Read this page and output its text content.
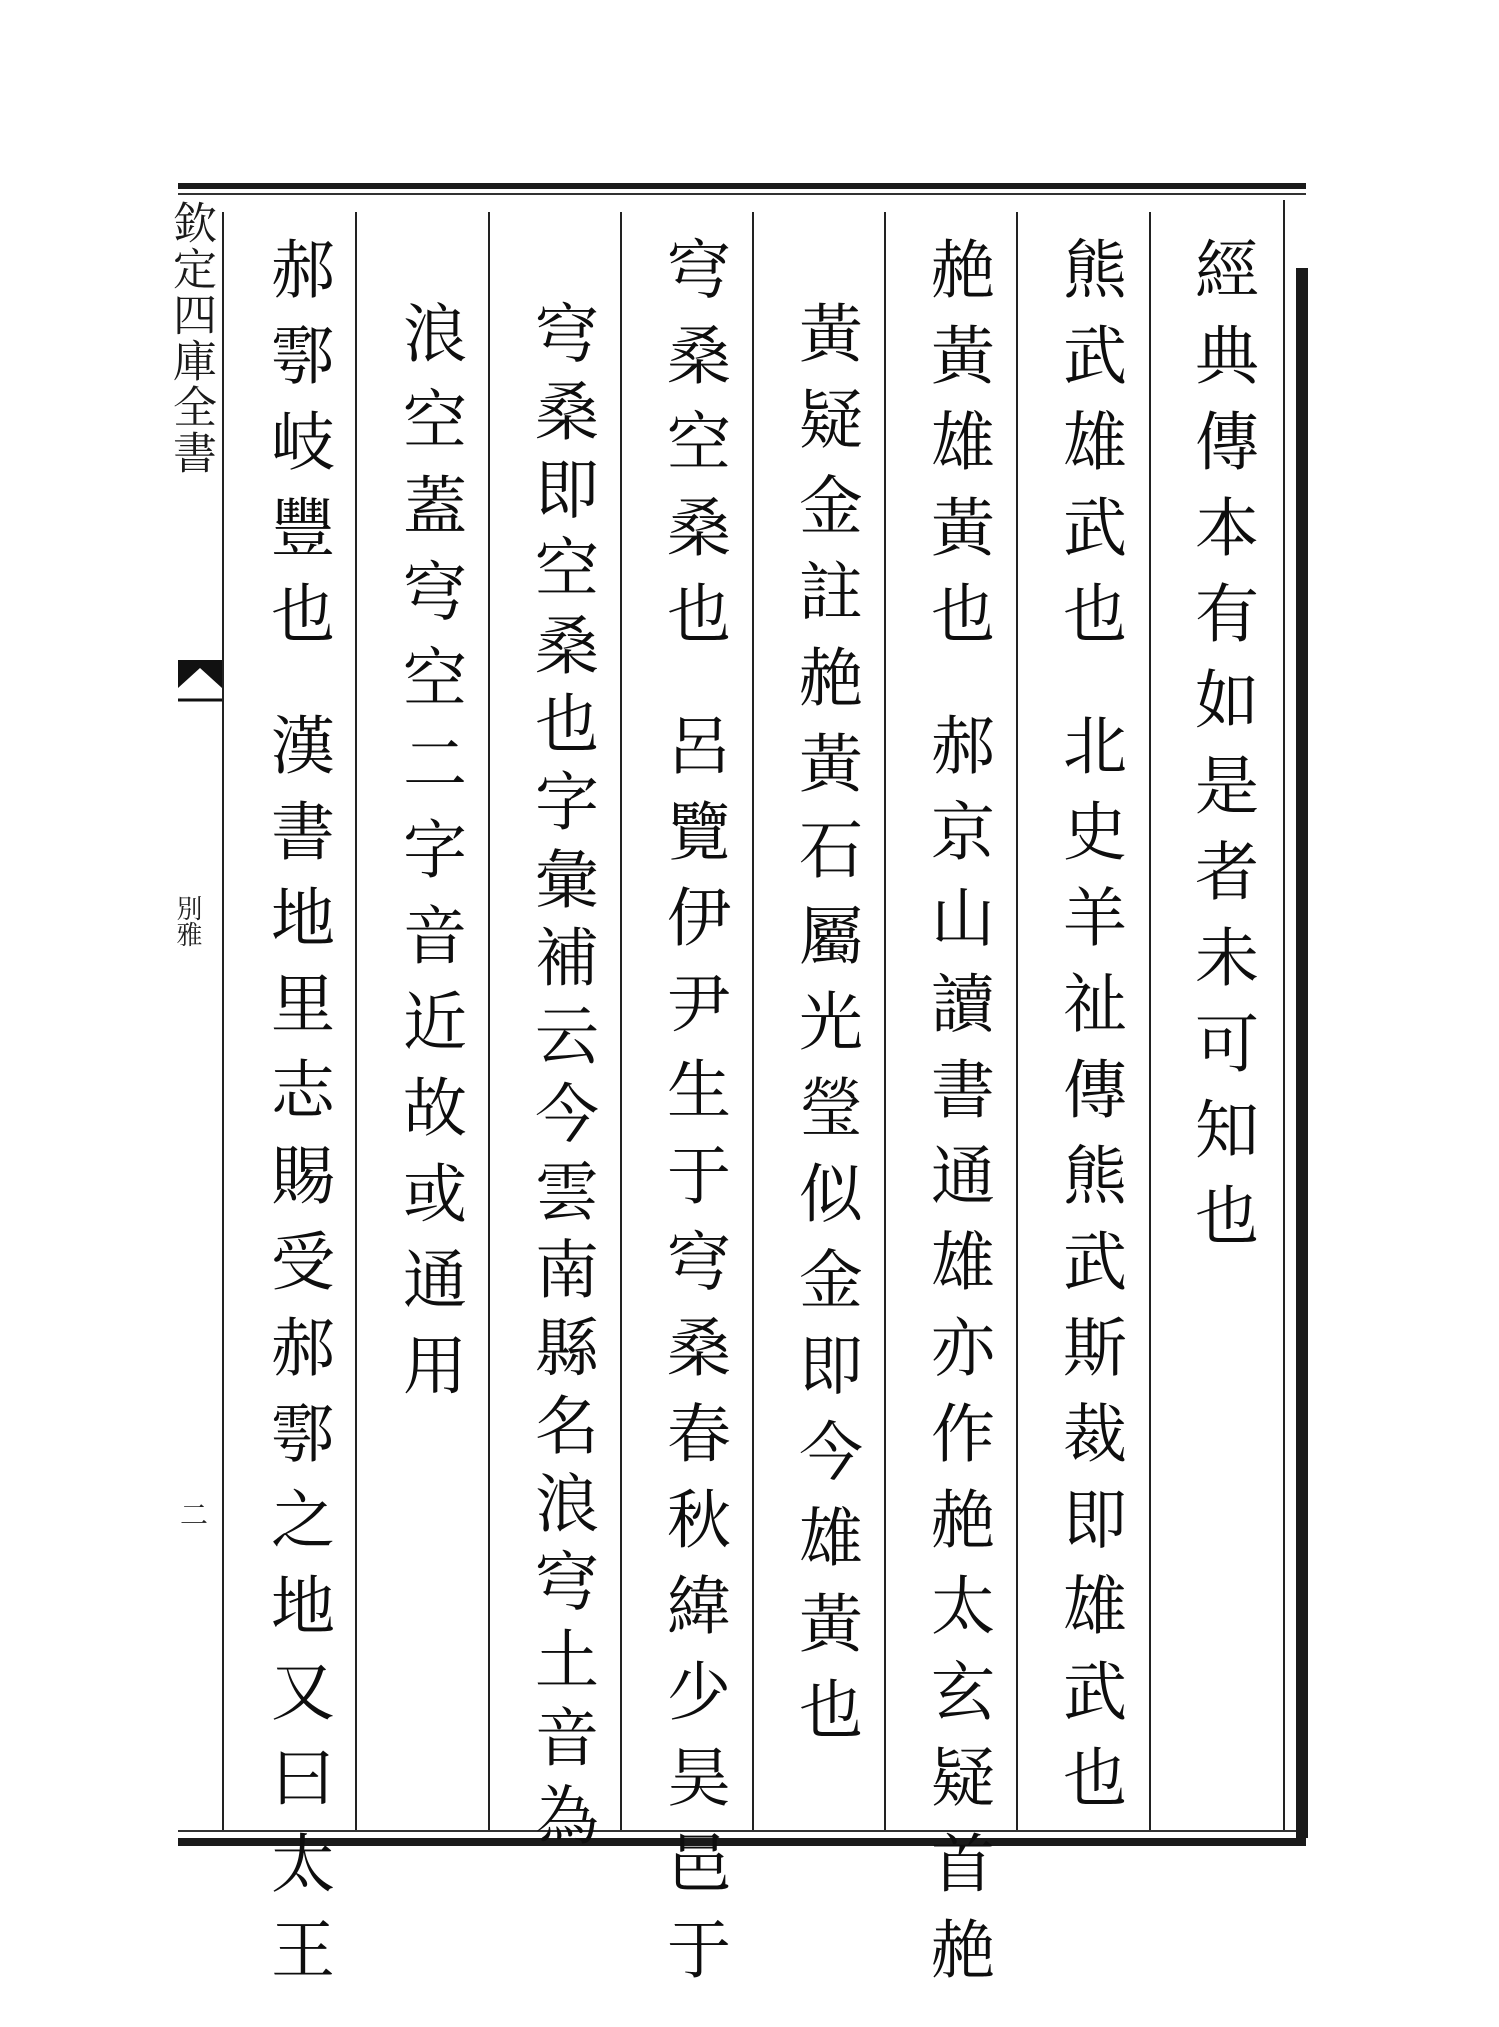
欽定四庫全書
別雅
二
經典傳本有如是者未可知也
熊武雄武也北史羊祉傳熊武斯裁即雄武也
赩黃雄黃也郝京山讀書通雄亦作赩太玄疑首赩
黃疑金註赩黃石屬光瑩似金即今雄黃也
穹桑空桑也呂覽伊尹生于穹桑春秋緯少昊邑于
穹桑即空桑也字彙補云今雲南縣名浪穹土音為
浪空蓋穹空二字音近故或通用
郝鄠岐豐也漢書地里志賜受郝鄠之地又曰太王
